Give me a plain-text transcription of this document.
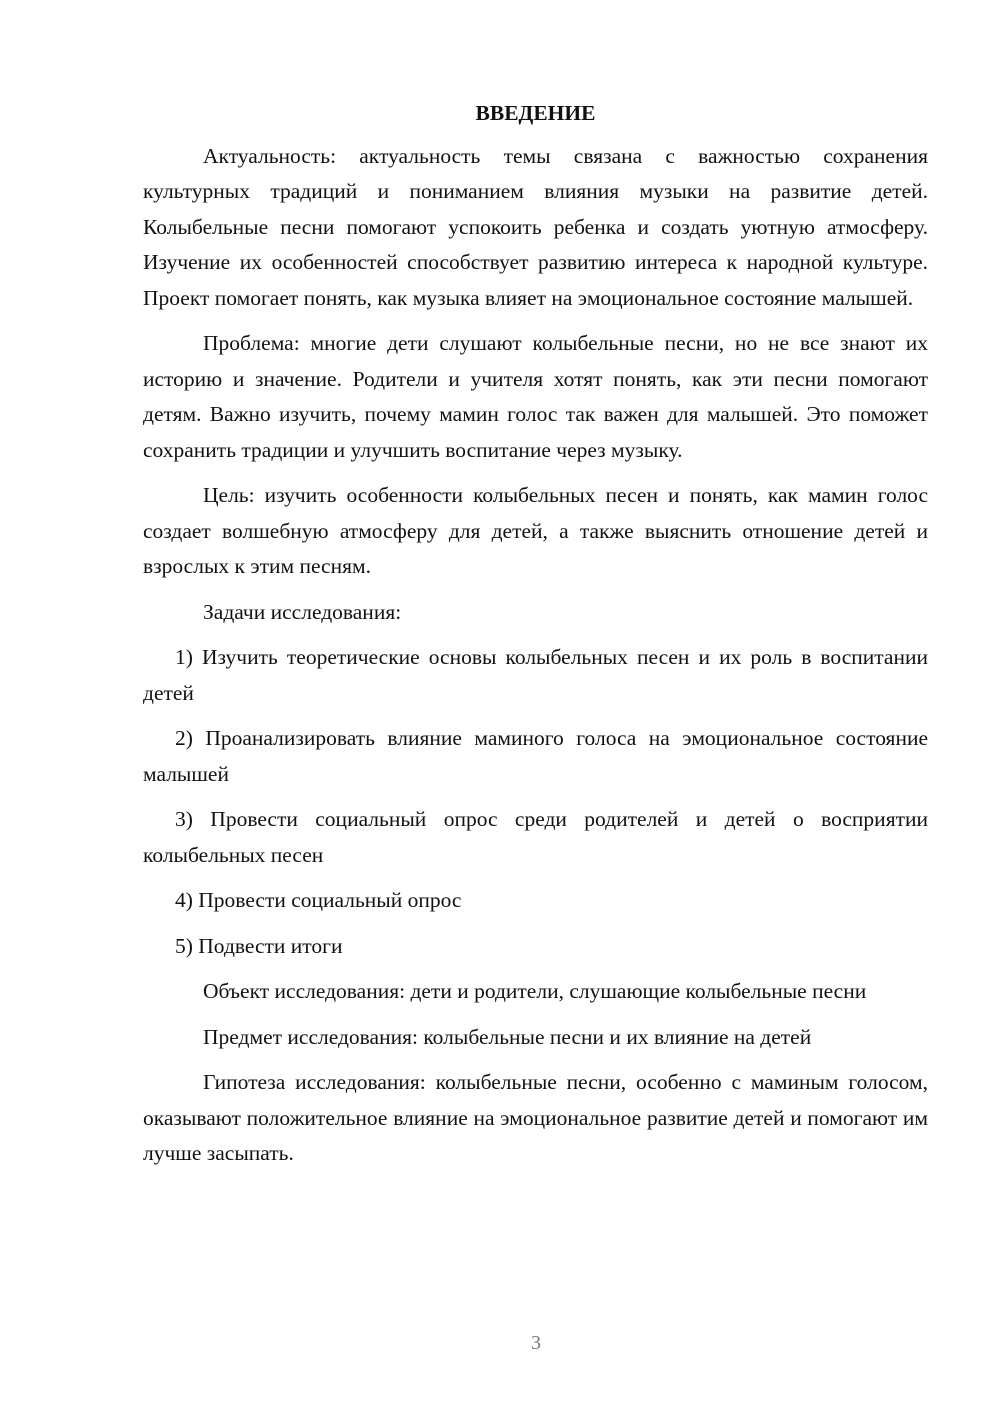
ВВЕДЕНИЕ

Актуальность: актуальность темы связана с важностью сохранения культурных традиций и пониманием влияния музыки на развитие детей. Колыбельные песни помогают успокоить ребенка и создать уютную атмосферу. Изучение их особенностей способствует развитию интереса к народной культуре. Проект помогает понять, как музыка влияет на эмоциональное состояние малышей.

Проблема: многие дети слушают колыбельные песни, но не все знают их историю и значение. Родители и учителя хотят понять, как эти песни помогают детям. Важно изучить, почему мамин голос так важен для малышей. Это поможет сохранить традиции и улучшить воспитание через музыку.

Цель: изучить особенности колыбельных песен и понять, как мамин голос создает волшебную атмосферу для детей, а также выяснить отношение детей и взрослых к этим песням.

Задачи исследования:

1) Изучить теоретические основы колыбельных песен и их роль в воспитании детей

2) Проанализировать влияние маминого голоса на эмоциональное состояние малышей

3) Провести социальный опрос среди родителей и детей о восприятии колыбельных песен

4) Провести социальный опрос

5) Подвести итоги

Объект исследования: дети и родители, слушающие колыбельные песни

Предмет исследования: колыбельные песни и их влияние на детей

Гипотеза исследования: колыбельные песни, особенно с маминым голосом, оказывают положительное влияние на эмоциональное развитие детей и помогают им лучше засыпать.

3
